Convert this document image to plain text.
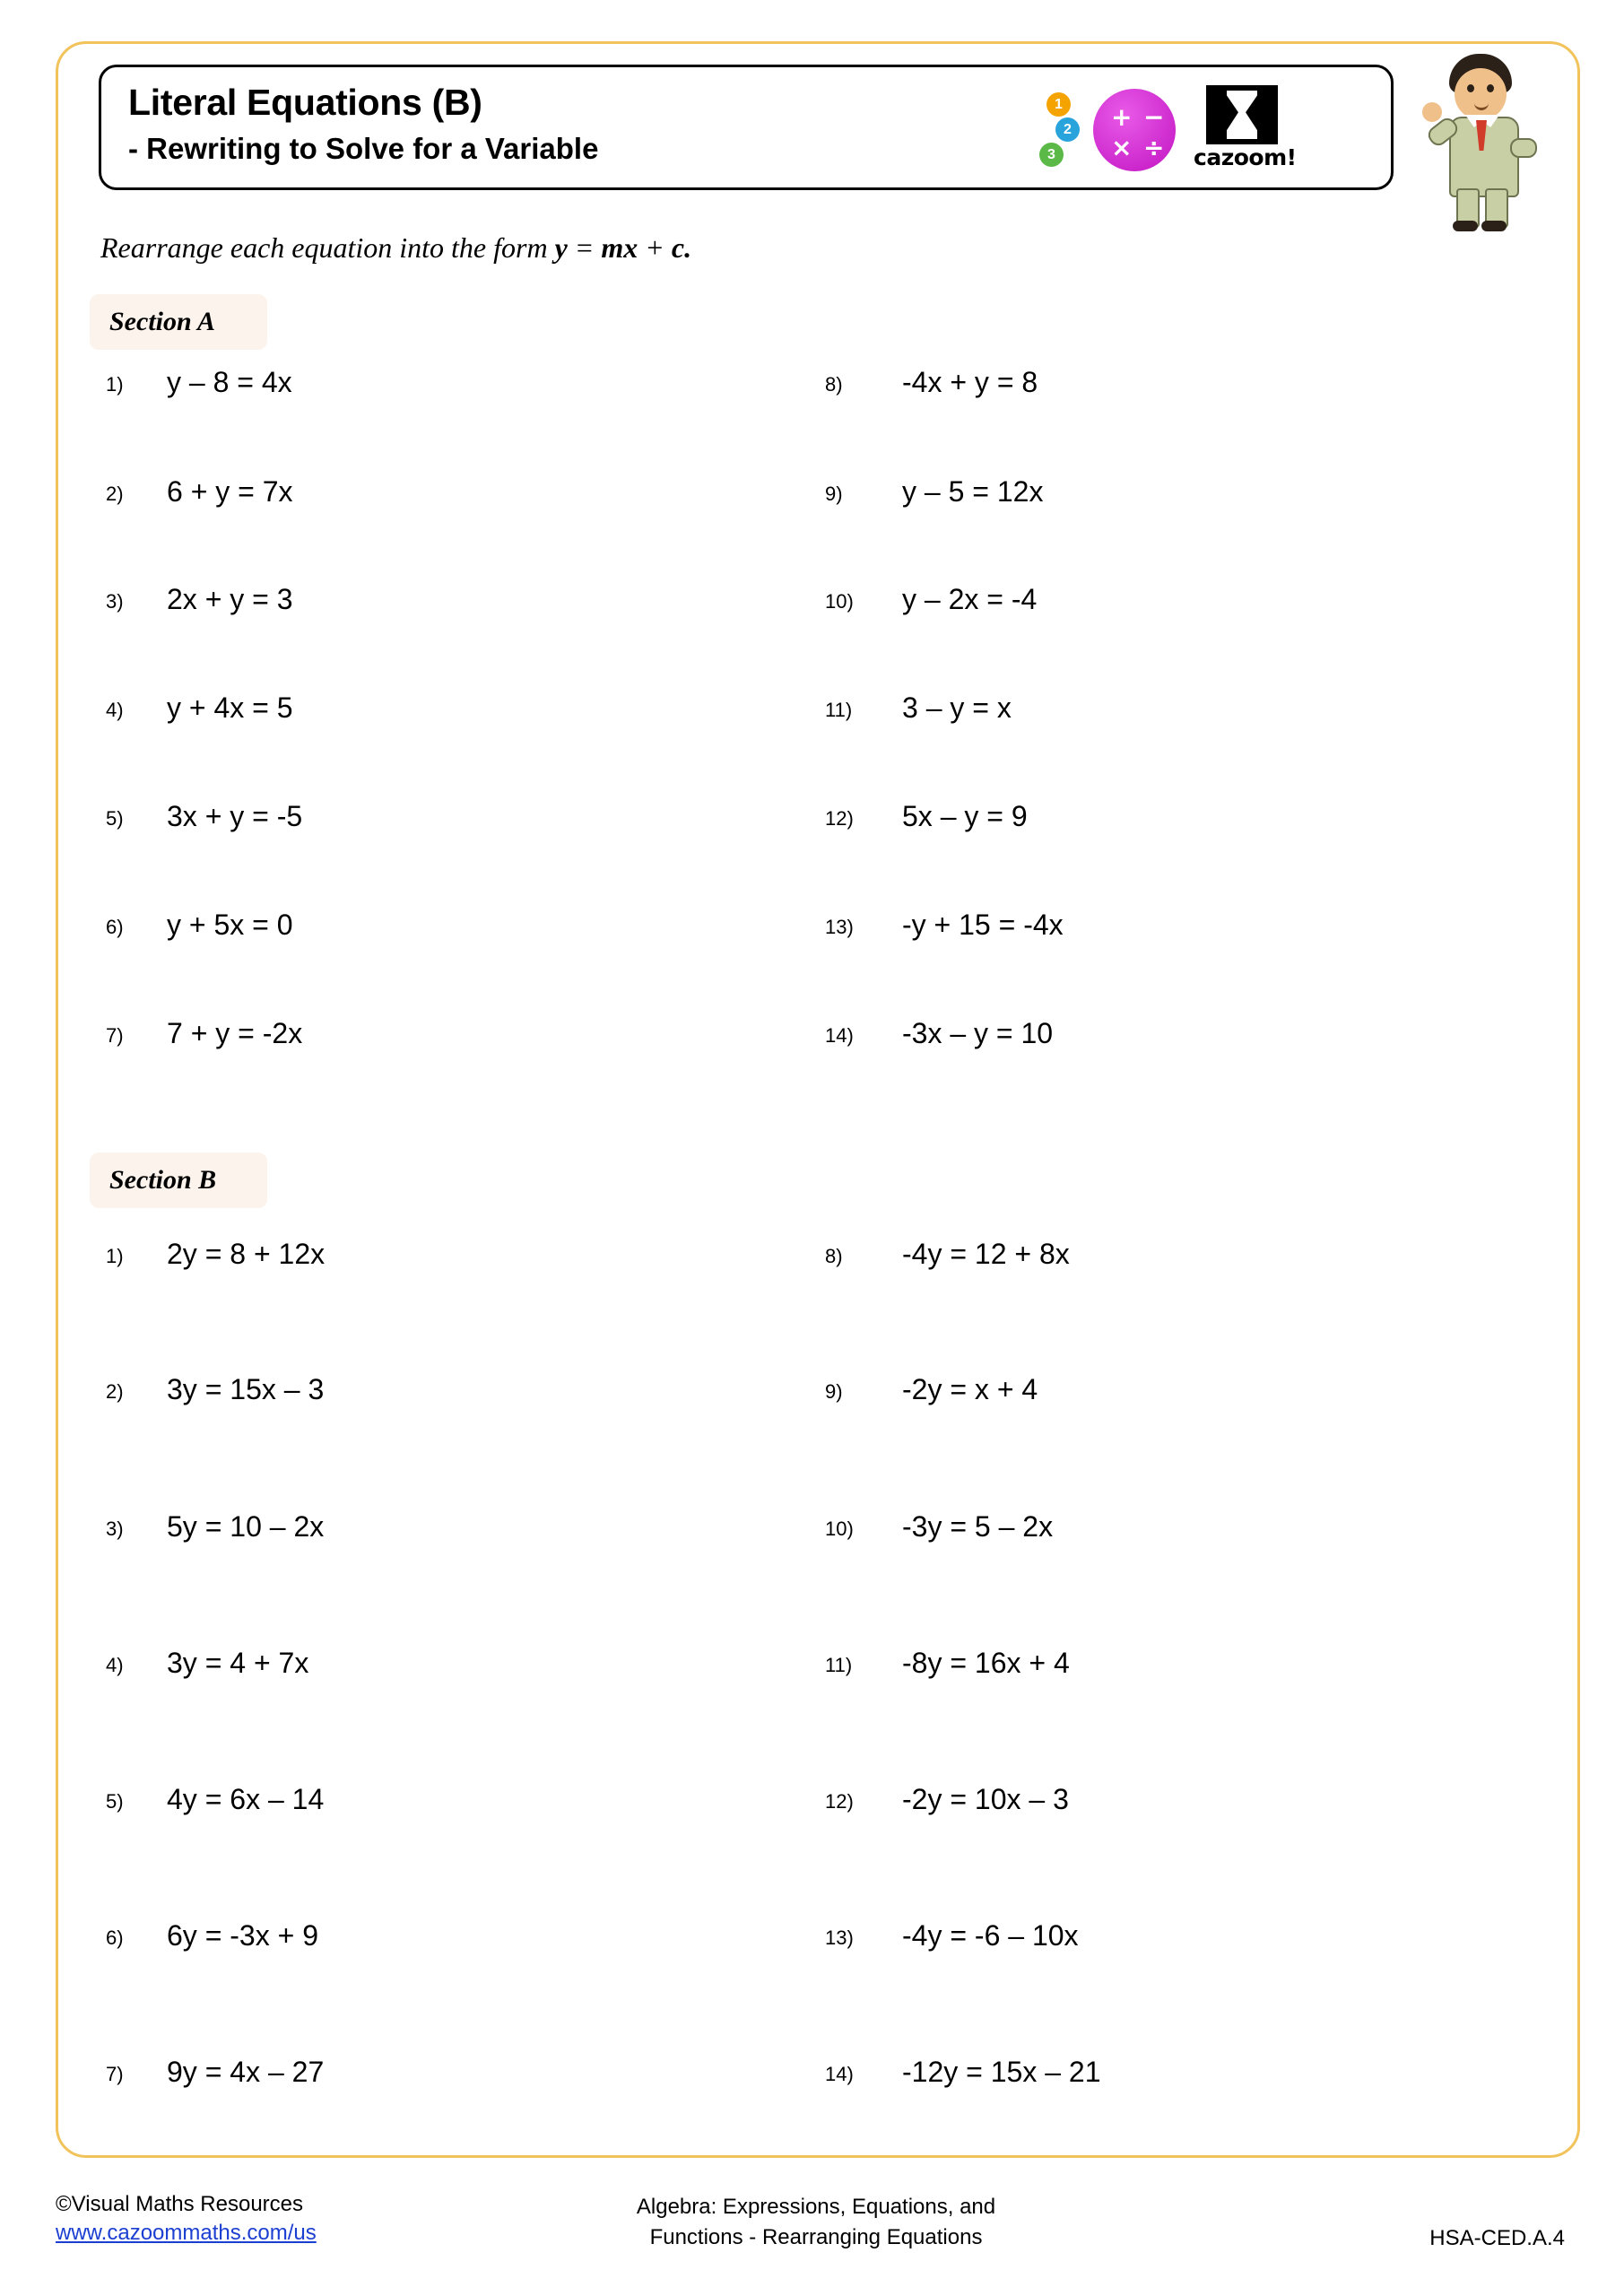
Literal Equations (B)
- Rewriting to Solve for a Variable
1
2
3
+ −
× ÷ cazoom!
Rearrange each equation into the form y = mx + c.
Section A
1) y – 8 = 4x
2) 6 + y = 7x
3) 2x + y = 3
4) y + 4x = 5
5) 3x + y = -5
6) y + 5x = 0
7) 7 + y = -2x
8) -4x + y = 8
9) y – 5 = 12x
10) y – 2x = -4
11) 3 – y = x
12) 5x – y = 9
13) -y + 15 = -4x
14) -3x – y = 10
Section B
1) 2y = 8 + 12x
2) 3y = 15x – 3
3) 5y = 10 – 2x
4) 3y = 4 + 7x
5) 4y = 6x – 14
6) 6y = -3x + 9
7) 9y = 4x – 27
8) -4y = 12 + 8x
9) -2y = x + 4
10) -3y = 5 – 2x
11) -8y = 16x + 4
12) -2y = 10x – 3
13) -4y = -6 – 10x
14) -12y = 15x – 21
©Visual Maths Resources
www.cazoommaths.com/us
Algebra: Expressions, Equations, and
Functions - Rearranging Equations	HSA-CED.A.4
